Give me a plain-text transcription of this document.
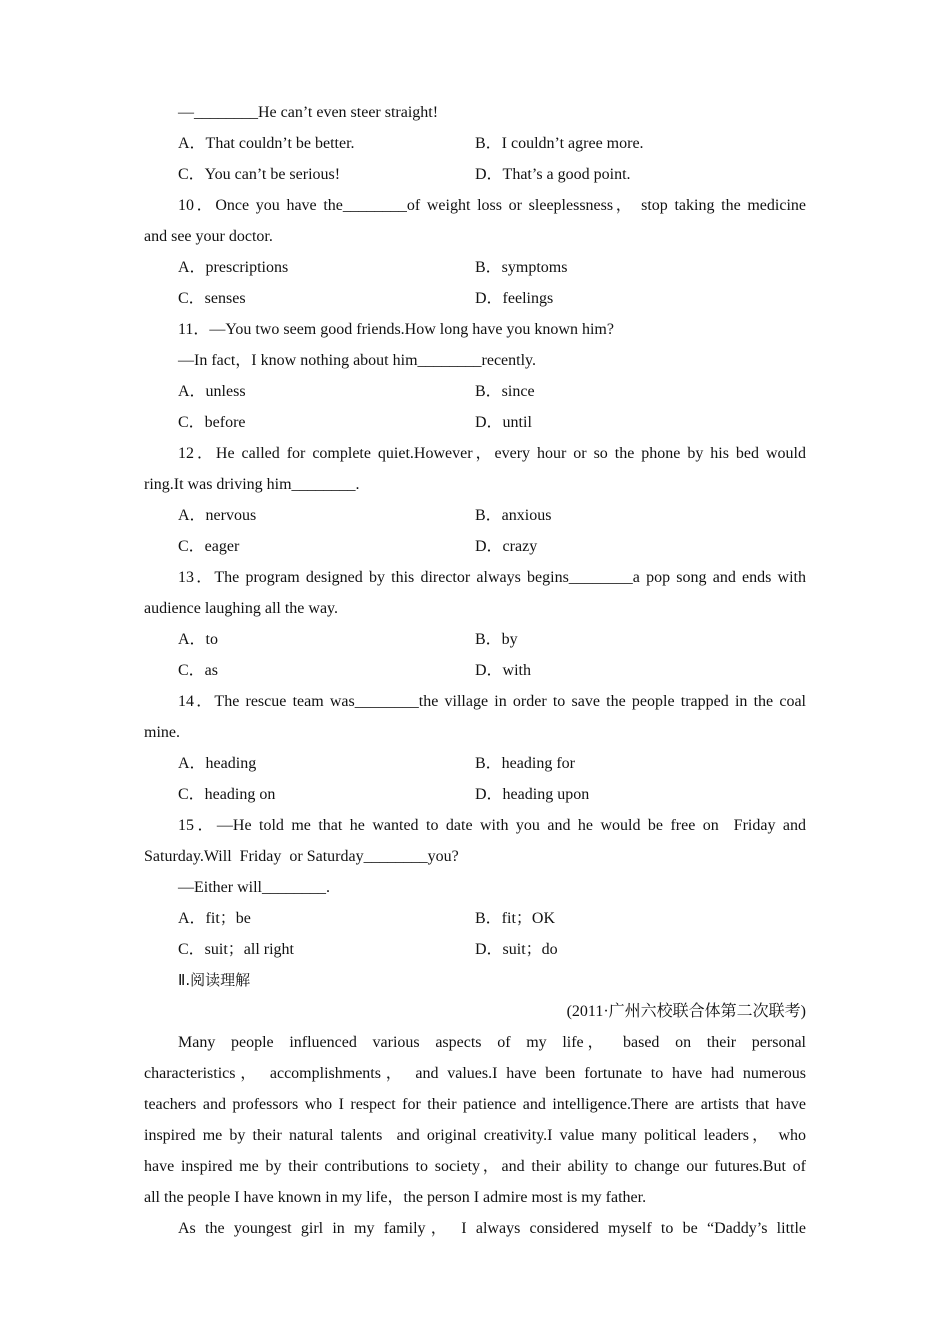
—________He can’t even steer straight!
A．That couldn’t be better.	B．I couldn’t agree more.
C．You can’t be serious!	D．That’s a good point.
10．Once you have the________of weight loss or sleeplessness， stop taking the medicine
and see your doctor.
A．prescriptions	B．symptoms
C．senses	D．feelings
11．—You two seem good friends.How long have you known him?
—In fact，I know nothing about him________recently.
A．unless	B．since
C．before	D．until
12．He called for complete quiet.However，every hour or so the phone by his bed would
ring.It was driving him________.
A．nervous	B．anxious
C．eager	D．crazy
13．The program designed by this director always begins________a pop song and ends with
audience laughing all the way.
A．to	B．by
C．as	D．with
14．The rescue team was________the village in order to save the people trapped in the coal
mine.
A．heading	B．heading for
C．heading on	D．heading upon
15．—He told me that he wanted to date with you and he would be free on  Friday and
Saturday.Will  Friday  or Saturday________you?
—Either will________.
A．fit；be	B．fit；OK
C．suit；all right	D．suit；do
Ⅱ.阅读理解
(2011·广州六校联合体第二次联考)
Many  people  influenced  various  aspects  of  my  life，  based  on  their  personal
characteristics， accomplishments， and values.I have been fortunate to have had numerous
teachers and professors who I respect for their patience and intelligence.There are artists that have
inspired me by their natural talents  and original creativity.I value many political leaders， who
have inspired me by their contributions to society，and their ability to change our futures.But of
all the people I have known in my life，the person I admire most is my father.
As the youngest girl in my family， I always considered myself to be “Daddy’s little
